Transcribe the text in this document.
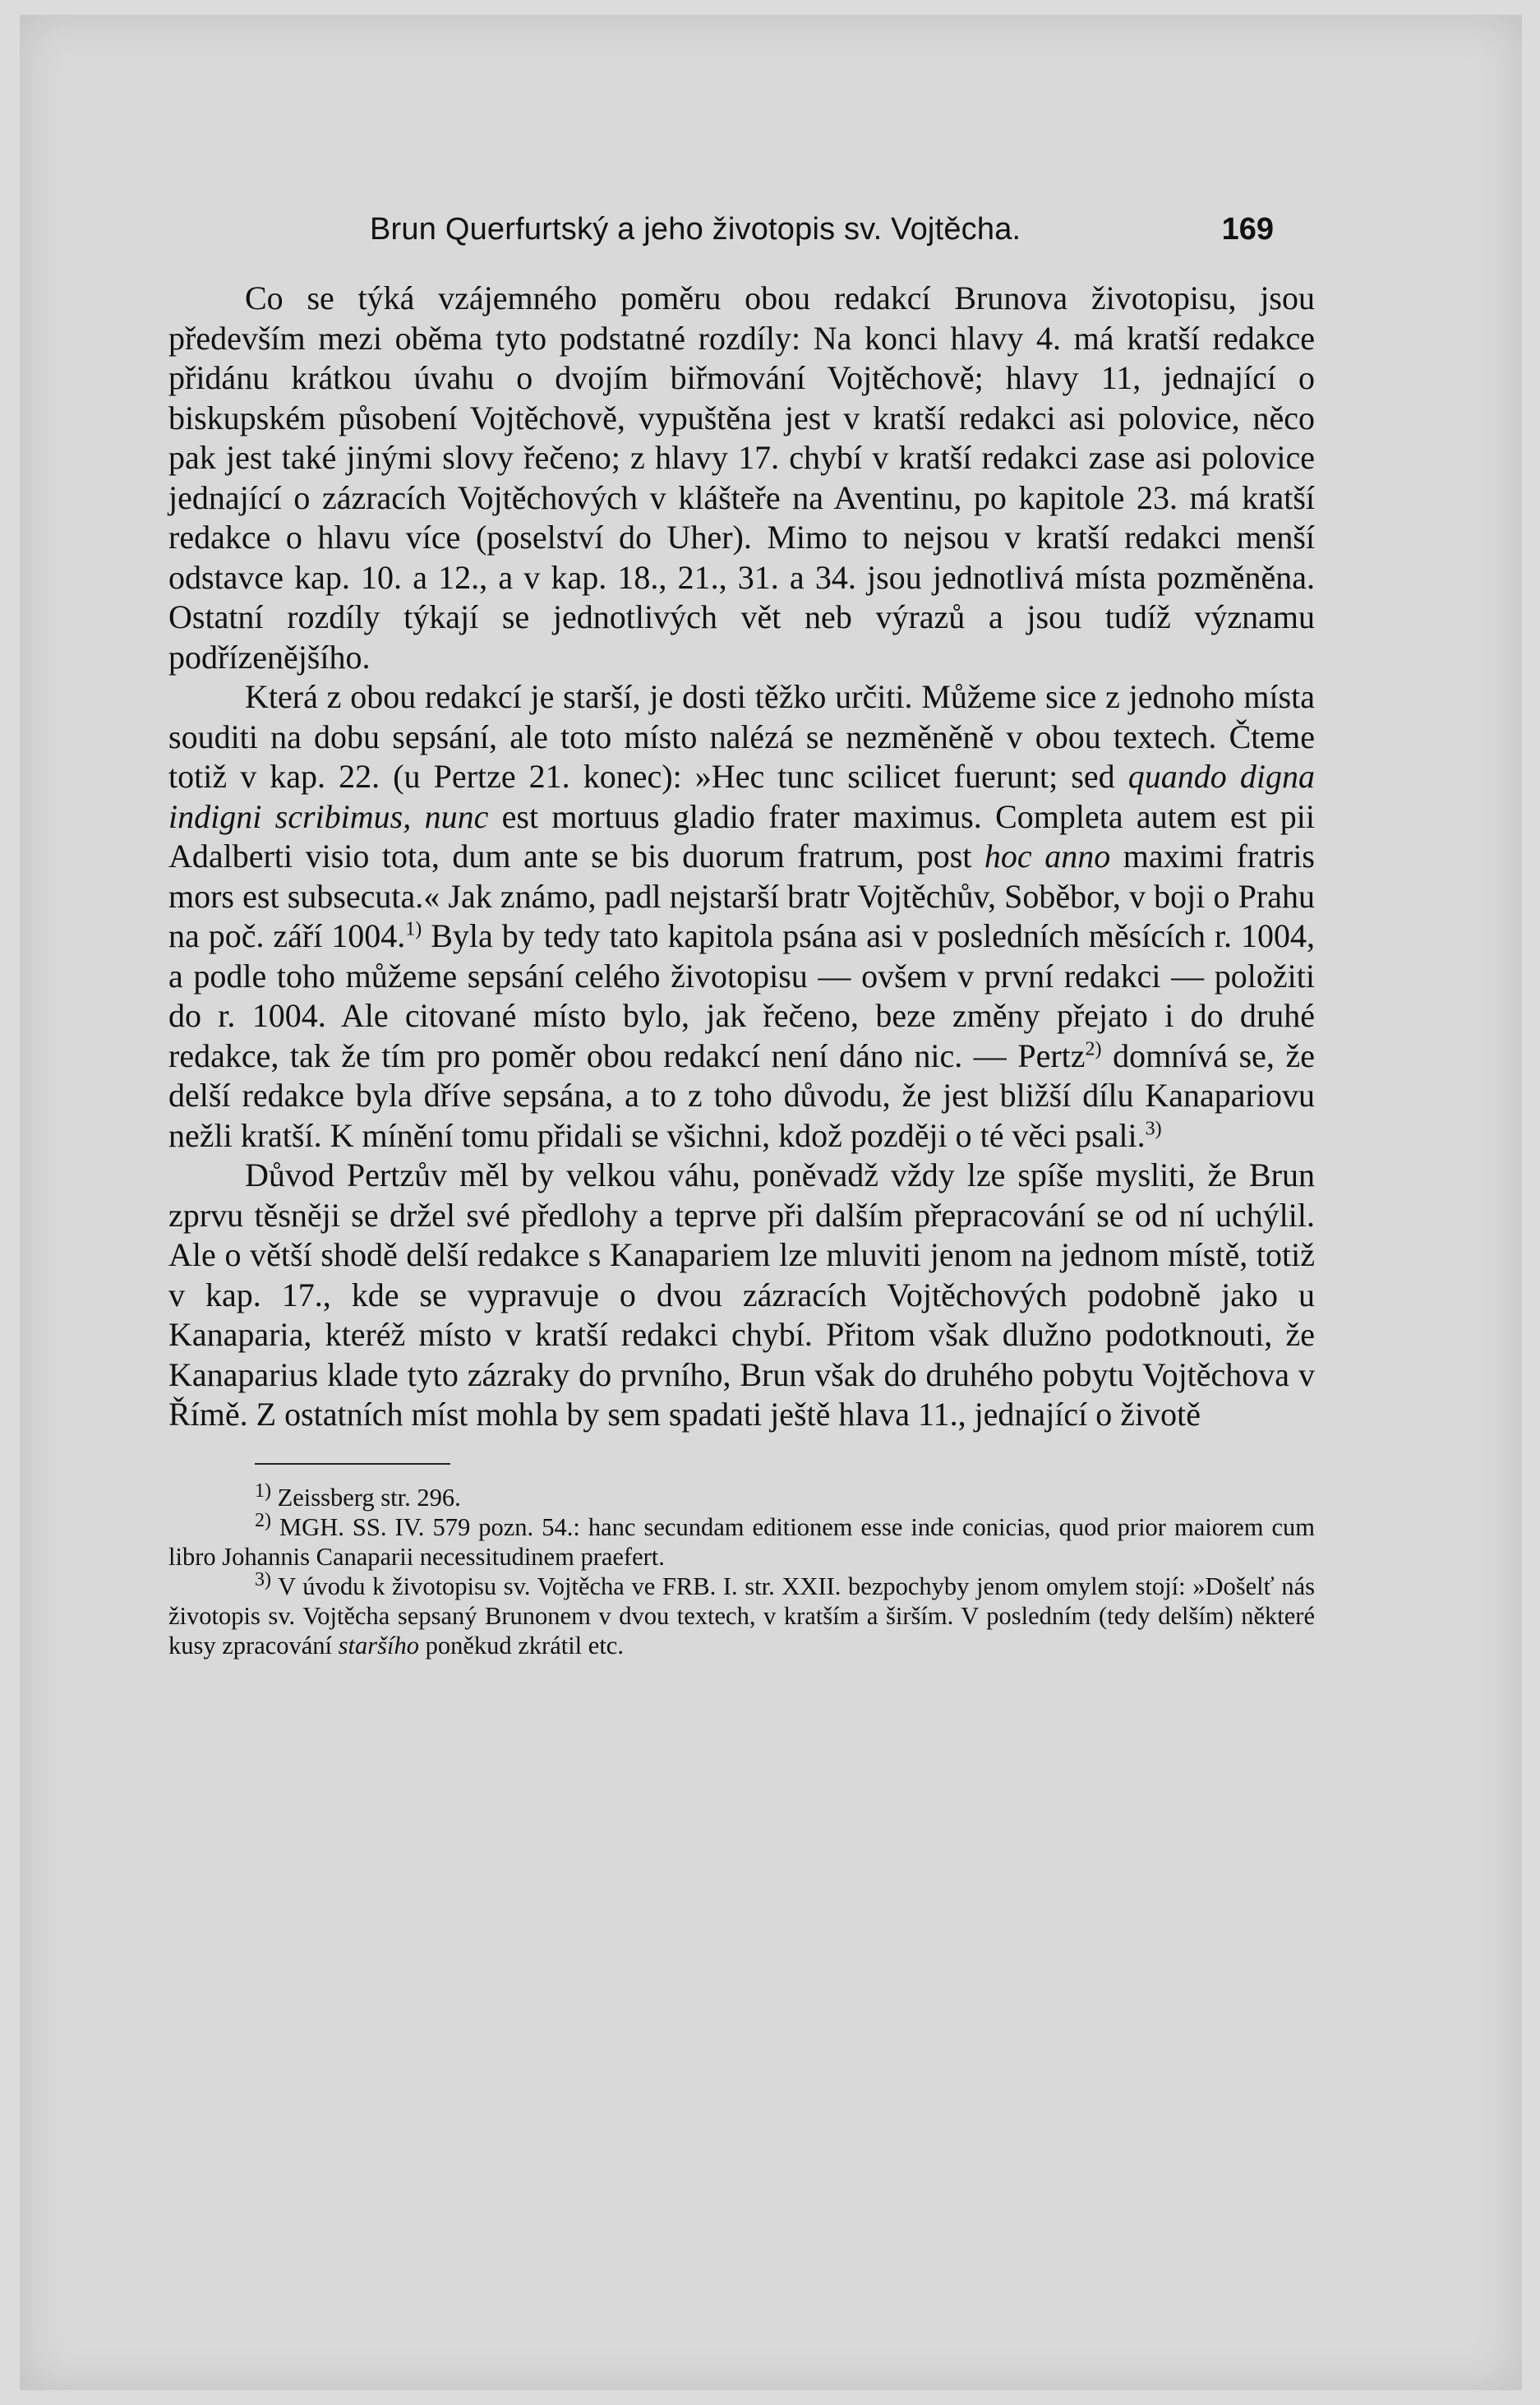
Brun Querfurtský a jeho životopis sv. Vojtěcha.	169

Co se týká vzájemného poměru obou redakcí Brunova životopisu, jsou především mezi oběma tyto podstatné rozdíly: Na konci hlavy 4. má kratší redakce přidánu krátkou úvahu o dvojím biřmování Vojtěchově; hlavy 11, jednající o biskupském působení Vojtěchově, vypuštěna jest v kratší redakci asi polovice, něco pak jest také jinými slovy řečeno; z hlavy 17. chybí v kratší redakci zase asi polovice jednající o zázracích Vojtěchových v klášteře na Aventinu, po kapitole 23. má kratší redakce o hlavu více (poselství do Uher). Mimo to nejsou v kratší redakci menší odstavce kap. 10. a 12., a v kap. 18., 21., 31. a 34. jsou jednotlivá místa pozměněna. Ostatní rozdíly týkají se jednotlivých vět neb výrazů a jsou tudíž významu podřízenějšího.

Která z obou redakcí je starší, je dosti těžko určiti. Můžeme sice z jednoho místa souditi na dobu sepsání, ale toto místo nalézá se nezměněně v obou textech. Čteme totiž v kap. 22. (u Pertze 21. konec): »Hec tunc scilicet fuerunt; sed quando digna indigni scribimus, nunc est mortuus gladio frater maximus. Completa autem est pii Adalberti visio tota, dum ante se bis duorum fratrum, post hoc anno maximi fratris mors est subsecuta.« Jak známo, padl nejstarší bratr Vojtěchův, Soběbor, v boji o Prahu na poč. září 1004.$^{1)}$ Byla by tedy tato kapitola psána asi v posledních měsících r. 1004, a podle toho můžeme sepsání celého životopisu — ovšem v první redakci — položiti do r. 1004. Ale citované místo bylo, jak řečeno, beze změny přejato i do druhé redakce, tak že tím pro poměr obou redakcí není dáno nic. — Pertz$^{2)}$ domnívá se, že delší redakce byla dříve sepsána, a to z toho důvodu, že jest bližší dílu Kanapariovu nežli kratší. K mínění tomu přidali se všichni, kdož později o té věci psali.$^{3)}$

Důvod Pertzův měl by velkou váhu, poněvadž vždy lze spíše mysliti, že Brun zprvu těsněji se držel své předlohy a teprve při dalším přepracování se od ní uchýlil. Ale o větší shodě delší redakce s Kanapariem lze mluviti jenom na jednom místě, totiž v kap. 17., kde se vypravuje o dvou zázracích Vojtěchových podobně jako u Kanaparia, kteréž místo v kratší redakci chybí. Přitom však dlužno podotknouti, že Kanaparius klade tyto zázraky do prvního, Brun však do druhého pobytu Vojtěchova v Římě. Z ostatních míst mohla by sem spadati ještě hlava 11., jednající o životě

$^{1)}$ Zeissberg str. 296.

$^{2)}$ MGH. SS. IV. 579 pozn. 54.: hanc secundam editionem esse inde conicias, quod prior maiorem cum libro Johannis Canaparii necessitudinem praefert.

$^{3)}$ V úvodu k životopisu sv. Vojtěcha ve FRB. I. str. XXII. bezpochyby jenom omylem stojí: »Došelť nás životopis sv. Vojtěcha sepsaný Brunonem v dvou textech, v kratším a širším. V posledním (tedy delším) některé kusy zpracování staršího poněkud zkrátil etc.
